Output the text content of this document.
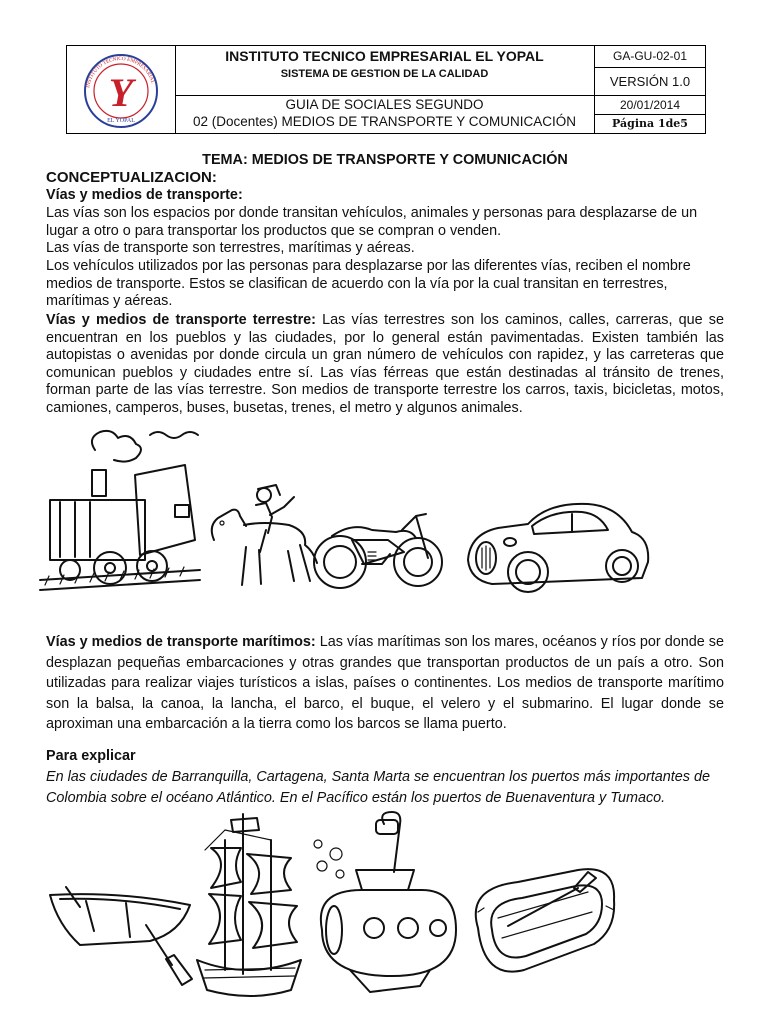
INSTITUTO TECNICO EMPRESARIAL
EL YOPAL
Y
INSTITUTO TECNICO EMPRESARIAL EL YOPAL
SISTEMA DE GESTION DE LA CALIDAD
GUIA DE SOCIALES SEGUNDO
02 (Docentes) MEDIOS DE TRANSPORTE Y COMUNICACIÓN
GA-GU-02-01
VERSIÓN 1.0
20/01/2014
Página 1de5
TEMA: MEDIOS DE TRANSPORTE Y COMUNICACIÓN
CONCEPTUALIZACION:
Vías y medios de transporte:
Las vías son los espacios por donde transitan vehículos, animales y personas para desplazarse de un lugar a otro o para transportar los productos que se compran o venden.
Las vías de transporte son terrestres, marítimas y aéreas.
Los vehículos utilizados por las personas para desplazarse por las diferentes vías, reciben el nombre medios de transporte. Estos se clasifican de acuerdo con la vía por la cual transitan en terrestres, marítimas y aéreas.
Vías y medios de transporte terrestre: Las vías terrestres son los caminos, calles, carreras, que se encuentran en los pueblos y las ciudades, por lo general están pavimentadas. Existen también las autopistas o avenidas por donde circula un gran número de vehículos con rapidez, y las carreteras que comunican pueblos y ciudades entre sí. Las vías férreas que están destinadas al tránsito de trenes, forman parte de las vías terrestre. Son medios de transporte terrestre los carros, taxis, bicicletas, motos, camiones, camperos, buses, busetas, trenes, el metro y algunos animales.
Vías y medios de transporte marítimos: Las vías marítimas son los mares, océanos y ríos por donde se desplazan pequeñas embarcaciones y otras grandes que transportan productos de un país a otro. Son utilizadas para realizar viajes turísticos a islas, países o continentes. Los medios de transporte marítimo son la balsa, la canoa, la lancha, el barco, el buque, el velero y el submarino. El lugar donde se aproximan una embarcación a la tierra como los barcos se llama puerto.
Para explicar
En las ciudades de Barranquilla, Cartagena, Santa Marta se encuentran los puertos más importantes de Colombia sobre el océano Atlántico. En el Pacífico están los puertos de Buenaventura y Tumaco.
